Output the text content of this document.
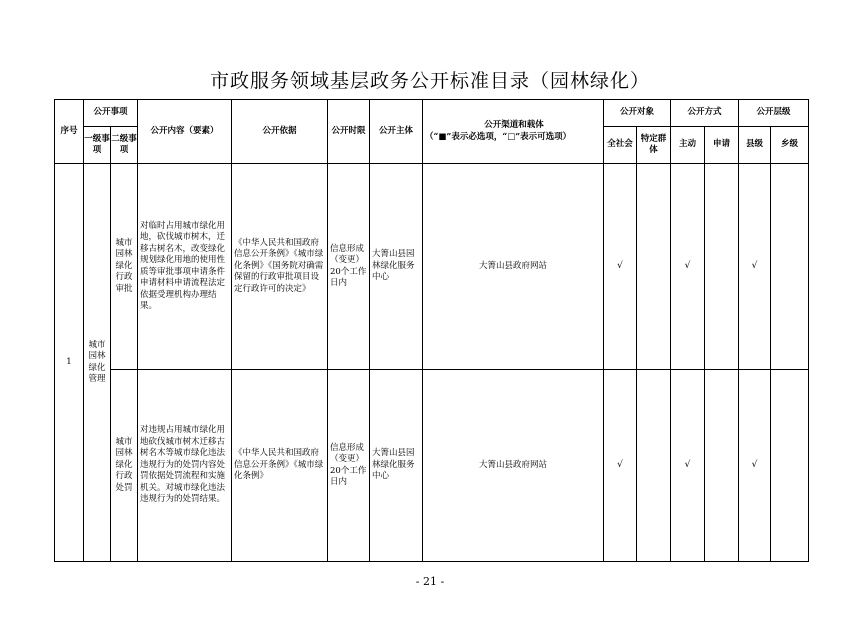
市政服务领域基层政务公开标准目录（园林绿化）
序号	公开事项		公开内容（要素）	公开依据	公开时限	公开主体	公开渠道和载体
（“■”表示必选项，“□”表示可选项）	公开对象		公开方式		公开层级	
	一级事项	二级事项						全社会	特定群体	主动	申请	县级	乡级
1	城市园林绿化管理	城市园林绿化行政审批	对临时占用城市绿化用地，砍伐城市树木，迁移古树名木，改变绿化规划绿化用地的使用性质等审批事项申请条件申请材料申请流程法定依据受理机构办理结果。	《中华人民共和国政府信息公开条例》《城市绿化条例》《国务院对确需保留的行政审批项目设定行政许可的决定》	信息形成（变更）20个工作日内	大箐山县园林绿化服务中心	大箐山县政府网站	√		√		√	
		城市园林绿化行政处罚	对违规占用城市绿化用地砍伐城市树木迁移古树名木等城市绿化违法违规行为的处罚内容处罚依据处罚流程和实施机关。对城市绿化违法违规行为的处罚结果。	《中华人民共和国政府信息公开条例》《城市绿化条例》	信息形成（变更）20个工作日内	大箐山县园林绿化服务中心	大箐山县政府网站	√		√		√	
- 21 -
